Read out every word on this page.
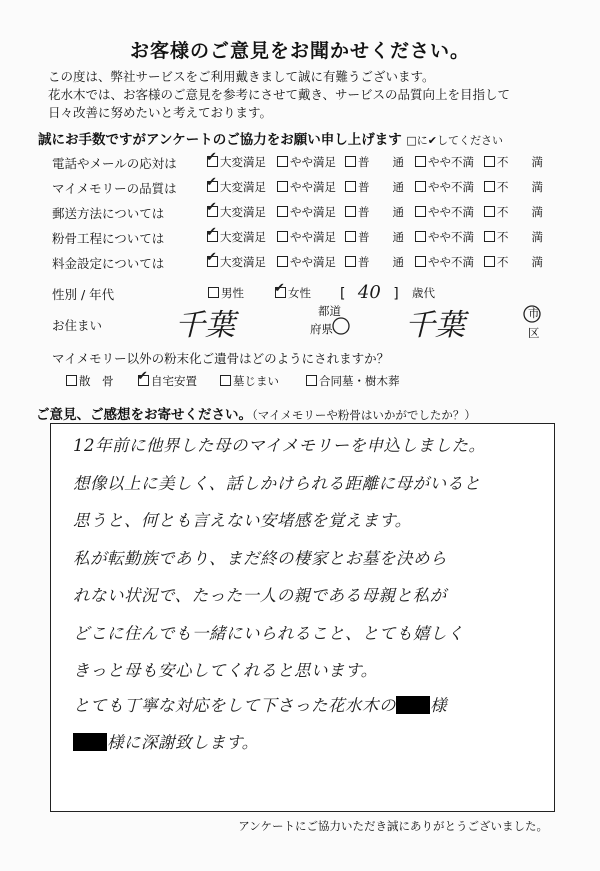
お客様のご意見をお聞かせください。
この度は、弊社サービスをご利用戴きまして誠に有難うございます。
花水木では、お客様のご意見を参考にさせて戴き、サービスの品質向上を目指して
日々改善に努めたいと考えております。
誠にお手数ですがアンケートのご協力をお願い申し上げます □に✔してください
電話やメールの応対は ✔	大変満足	やや満足	普　　通	やや不満	不　　満
マイメモリーの品質は ✔	大変満足	やや満足	普　　通	やや不満	不　　満
郵送方法については ✔	大変満足	やや満足	普　　通	やや不満	不　　満
粉骨工程については ✔	大変満足	やや満足	普　　通	やや不満	不　　満
料金設定については ✔	大変満足	やや満足	普　　通	やや不満	不　　満
性別 / 年代	男性 ✔	女性 [ 40 ] 歳代
お住まい 千葉	都道
府県 千葉	市
区
マイメモリー以外の粉末化ご遺骨はどのようにされますか？
散　骨 ✔	自宅安置	墓じまい	合同墓・樹木葬
ご意見、ご感想をお寄せください。（マイメモリーや粉骨はいかがでしたか？）
12年前に他界した母のマイメモリーを申込しました。
想像以上に美しく、話しかけられる距離に母がいると
思うと、何とも言えない安堵感を覚えます。
私が転勤族であり、まだ終の棲家とお墓を決めら
れない状況で、たった一人の親である母親と私が
どこに住んでも一緒にいられること、とても嬉しく
きっと母も安心してくれると思います。
とても丁寧な対応をして下さった花水木の 様
様に深謝致します。
アンケートにご協力いただき誠にありがとうございました。
